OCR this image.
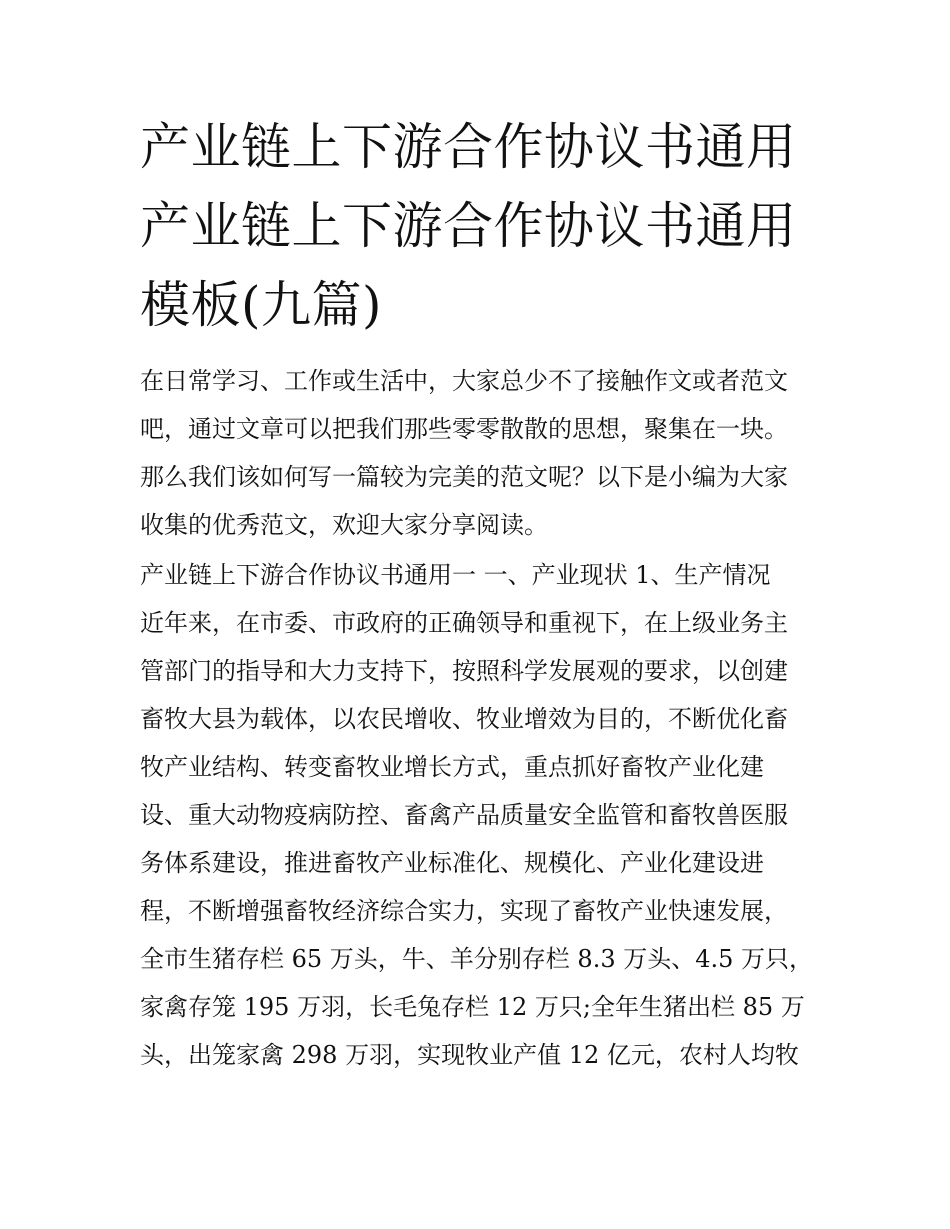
产业链上下游合作协议书通用
产业链上下游合作协议书通用
模板(九篇)
在日常学习、工作或生活中，大家总少不了接触作文或者范文
吧，通过文章可以把我们那些零零散散的思想，聚集在一块。
那么我们该如何写一篇较为完美的范文呢？以下是小编为大家
收集的优秀范文，欢迎大家分享阅读。
产业链上下游合作协议书通用一 一、产业现状 1、生产情况
近年来，在市委、市政府的正确领导和重视下，在上级业务主
管部门的指导和大力支持下，按照科学发展观的要求，以创建
畜牧大县为载体，以农民增收、牧业增效为目的，不断优化畜
牧产业结构、转变畜牧业增长方式，重点抓好畜牧产业化建
设、重大动物疫病防控、畜禽产品质量安全监管和畜牧兽医服
务体系建设，推进畜牧产业标准化、规模化、产业化建设进
程，不断增强畜牧经济综合实力，实现了畜牧产业快速发展，
全市生猪存栏 65 万头，牛、羊分别存栏 8.3 万头、4.5 万只，
家禽存笼 195 万羽，长毛兔存栏 12 万只;全年生猪出栏 85 万
头，出笼家禽 298 万羽，实现牧业产值 12 亿元，农村人均牧
